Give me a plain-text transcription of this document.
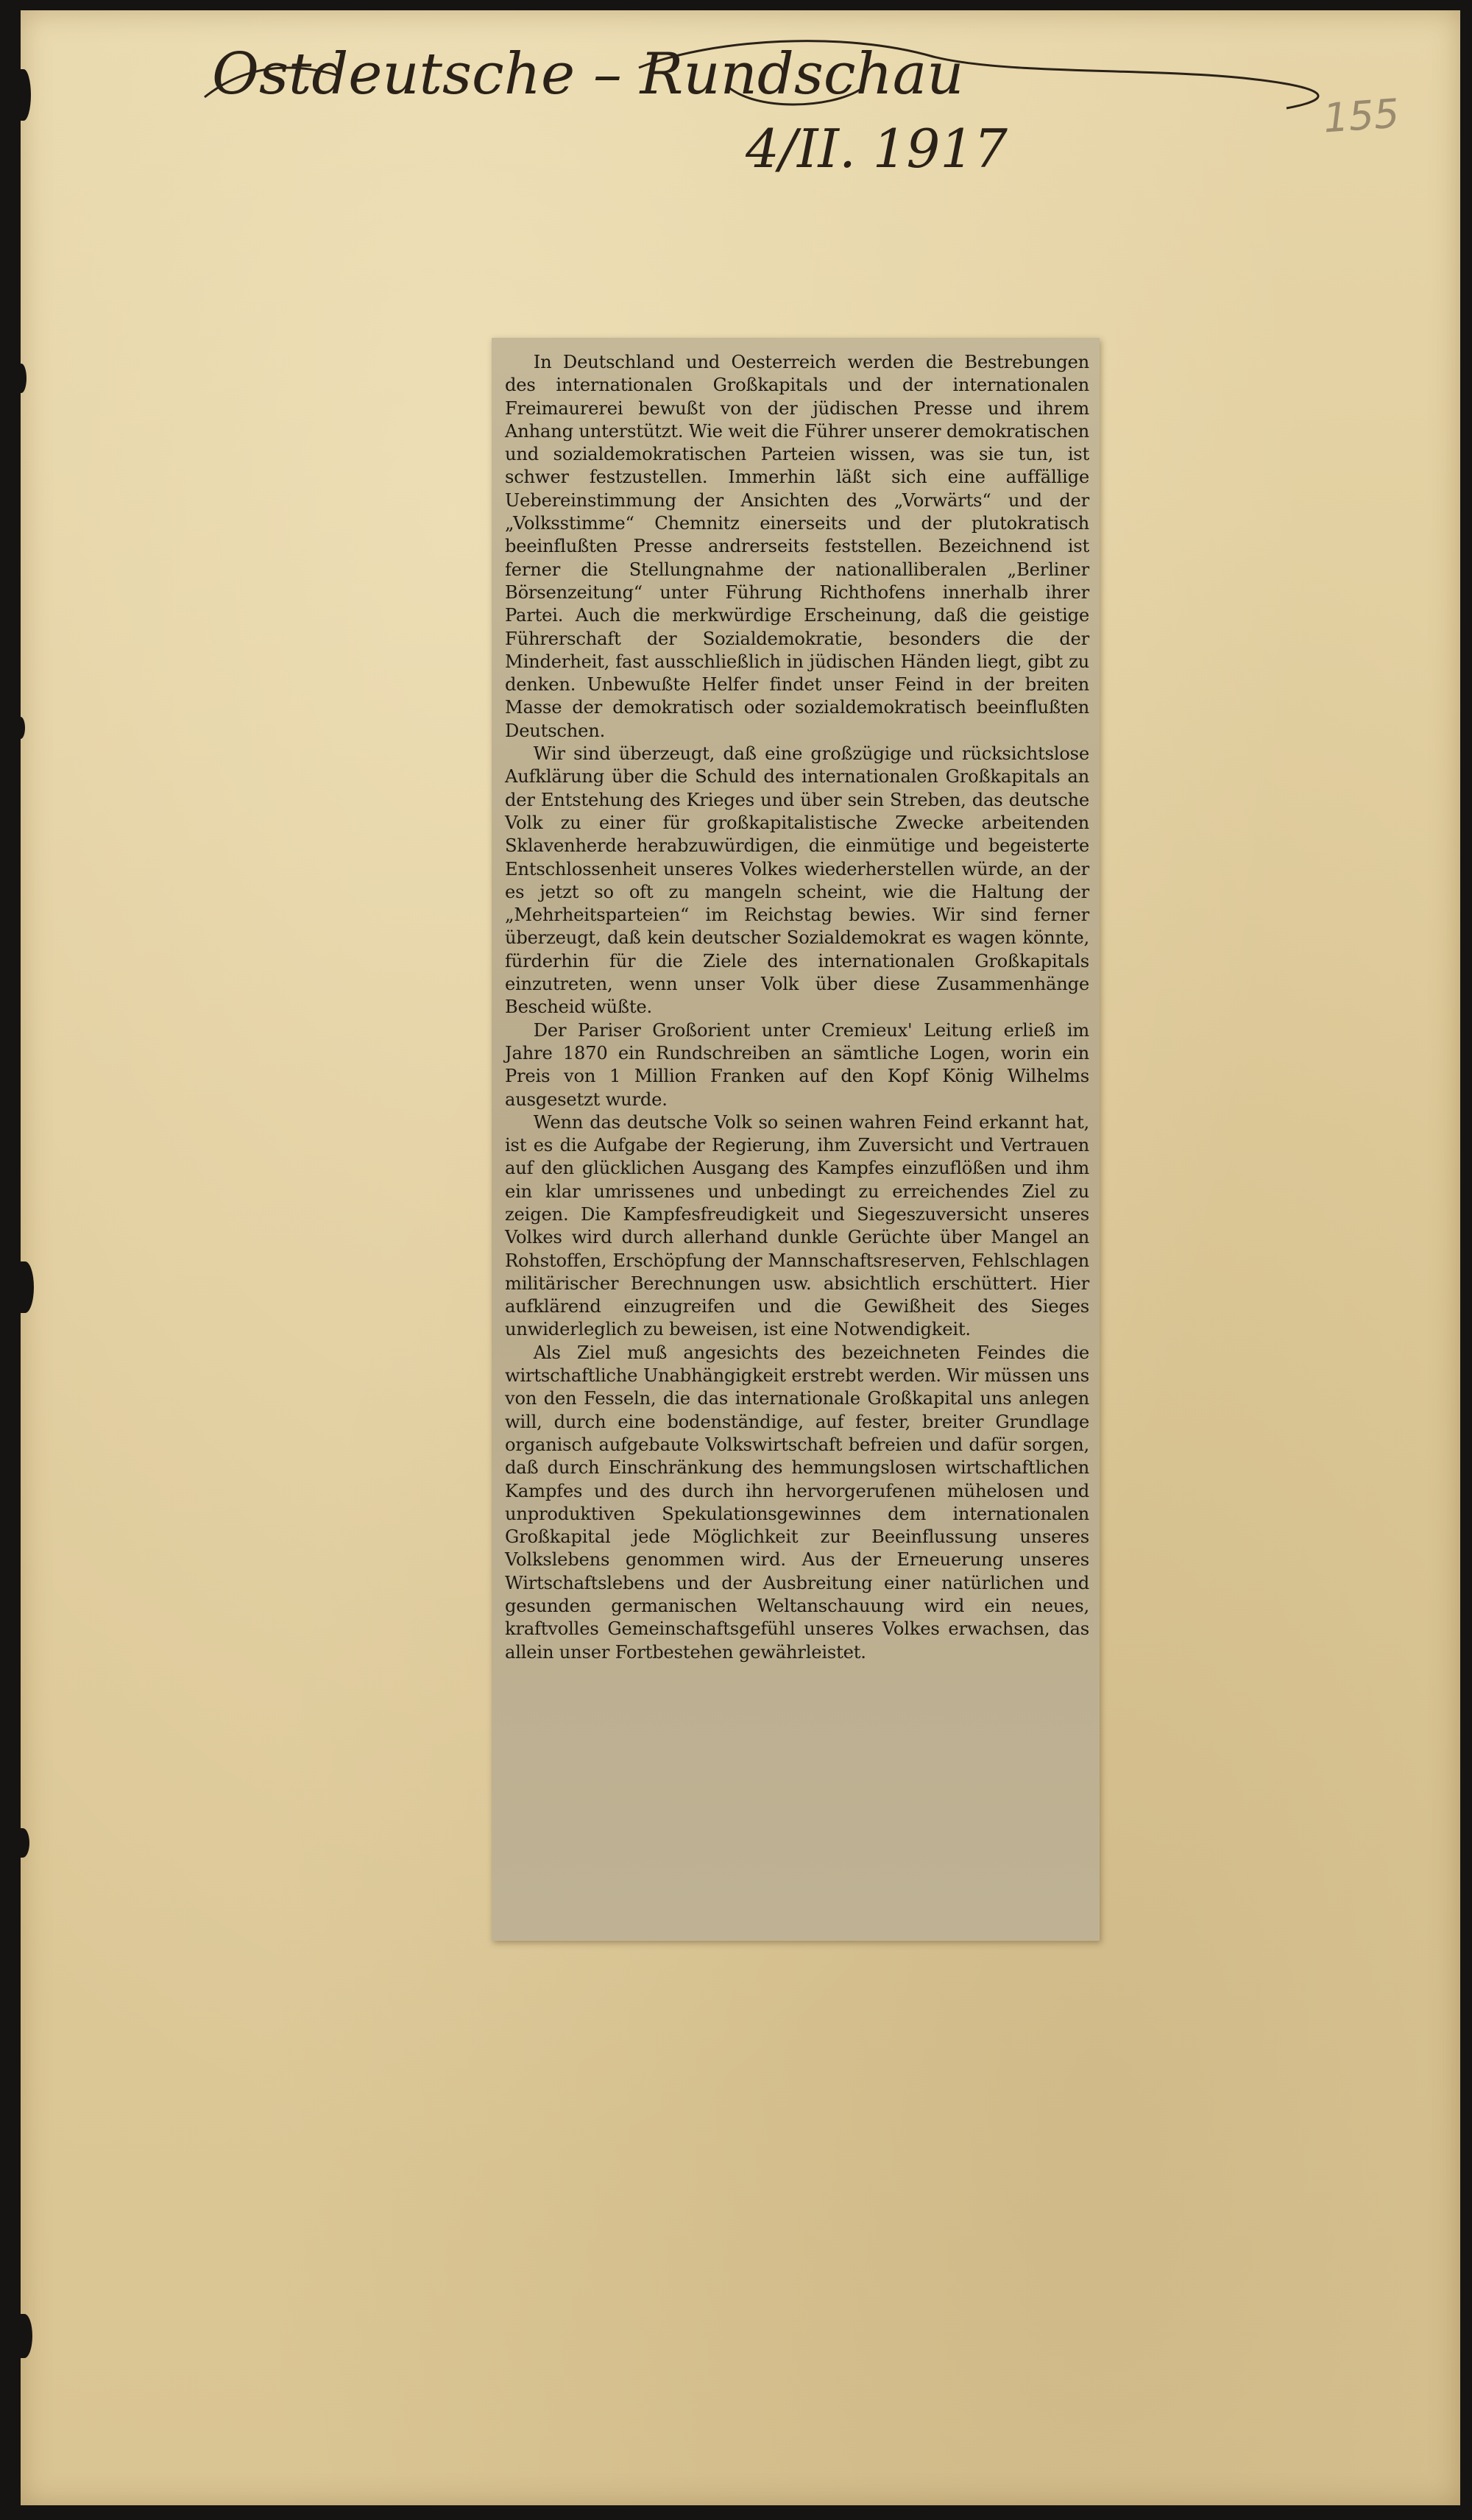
Ostdeutsche – Rundschau
4/II. 1917
155

In Deutschland und Oesterreich werden die Bestrebungen des internationalen Großkapitals und der internationalen Freimaurerei bewußt von der jüdischen Presse und ihrem Anhang unterstützt. Wie weit die Führer unserer demokratischen und sozialdemokratischen Parteien wissen, was sie tun, ist schwer festzustellen. Immerhin läßt sich eine auffällige Uebereinstimmung der Ansichten des „Vorwärts“ und der „Volksstimme“ Chemnitz einerseits und der plutokratisch beeinflußten Presse andrerseits feststellen. Bezeichnend ist ferner die Stellungnahme der nationalliberalen „Berliner Börsenzeitung“ unter Führung Richthofens innerhalb ihrer Partei. Auch die merkwürdige Erscheinung, daß die geistige Führerschaft der Sozialdemokratie, besonders die der Minderheit, fast ausschließlich in jüdischen Händen liegt, gibt zu denken. Unbewußte Helfer findet unser Feind in der breiten Masse der demokratisch oder sozialdemokratisch beeinflußten Deutschen.

Wir sind überzeugt, daß eine großzügige und rücksichtslose Aufklärung über die Schuld des internationalen Großkapitals an der Entstehung des Krieges und über sein Streben, das deutsche Volk zu einer für großkapitalistische Zwecke arbeitenden Sklavenherde herabzuwürdigen, die einmütige und begeisterte Entschlossenheit unseres Volkes wiederherstellen würde, an der es jetzt so oft zu mangeln scheint, wie die Haltung der „Mehrheitsparteien“ im Reichstag bewies. Wir sind ferner überzeugt, daß kein deutscher Sozialdemokrat es wagen könnte, fürderhin für die Ziele des internationalen Großkapitals einzutreten, wenn unser Volk über diese Zusammenhänge Bescheid wüßte.

Der Pariser Großorient unter Cremieux' Leitung erließ im Jahre 1870 ein Rundschreiben an sämtliche Logen, worin ein Preis von 1 Million Franken auf den Kopf König Wilhelms ausgesetzt wurde.

Wenn das deutsche Volk so seinen wahren Feind erkannt hat, ist es die Aufgabe der Regierung, ihm Zuversicht und Vertrauen auf den glücklichen Ausgang des Kampfes einzuflößen und ihm ein klar umrissenes und unbedingt zu erreichendes Ziel zu zeigen. Die Kampfesfreudigkeit und Siegeszuversicht unseres Volkes wird durch allerhand dunkle Gerüchte über Mangel an Rohstoffen, Erschöpfung der Mannschaftsreserven, Fehlschlagen militärischer Berechnungen usw. absichtlich erschüttert. Hier aufklärend einzugreifen und die Gewißheit des Sieges unwiderleglich zu beweisen, ist eine Notwendigkeit.

Als Ziel muß angesichts des bezeichneten Feindes die wirtschaftliche Unabhängigkeit erstrebt werden. Wir müssen uns von den Fesseln, die das internationale Großkapital uns anlegen will, durch eine bodenständige, auf fester, breiter Grundlage organisch aufgebaute Volkswirtschaft befreien und dafür sorgen, daß durch Einschränkung des hemmungslosen wirtschaftlichen Kampfes und des durch ihn hervorgerufenen mühelosen und unproduktiven Spekulationsgewinnes dem internationalen Großkapital jede Möglichkeit zur Beeinflussung unseres Volkslebens genommen wird. Aus der Erneuerung unseres Wirtschaftslebens und der Ausbreitung einer natürlichen und gesunden germanischen Weltanschauung wird ein neues, kraftvolles Gemeinschaftsgefühl unseres Volkes erwachsen, das allein unser Fortbestehen gewährleistet.
